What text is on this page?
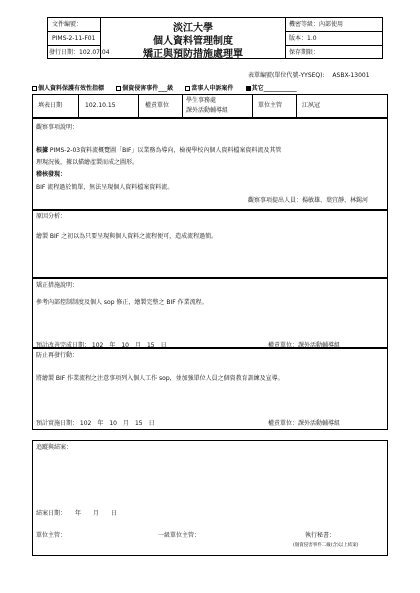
文件編號：
PIMS-2-11-F01
發行日期：102.07.04
淡江大學
個人資料管理制度
矯正與預防措施處理單
機密等級：內部使用
版本：1.0
保存期限：
表單編號(單位代號-YYSEQ):　 ASBX-13001
個人資料保護有效性指標	個資侵害事件___級	當事人申訴案件	其它___________
填表日期	102.10.15	權責單位
學生事務處
課外活動輔導組
單位主管	江夙冠
觀察事項說明：
根據 PIMS-2-03資料流概覽圖「BIF」以業務為導向，檢視學校內個人資料檔案資料流及其管
理現況後，據以描繪產製而成之圖形。
稽核發現：
BIF 流程過於簡單，無法呈現個人資料檔案資料流。
觀察事項提出人員：楊敏雄、葉宜靜、林錫河
原因分析：
繪製 BIF 之初以為只要呈現與個人資料之流程便可，造成流程過簡。
矯正措施說明：
參考內部控制制度及個人 sop 修正，繪製完整之 BIF 作業流程。
預計改善完成日期： 102　年　10　月　15　日	權責單位：課外活動輔導組
防止再發行動：
將繪製 BIF 作業流程之注意事項列入個人工作 sop，並加強單位人員之個資教育訓練及宣導。
預計實施日期： 102　年　10　月　15　日	權責單位：課外活動輔導組
追蹤與結案：
結案日期：　　年　　月　　日
單位主管：	一級單位主管：	執行秘書：
(個資侵害事件二級(含)以上結案)
